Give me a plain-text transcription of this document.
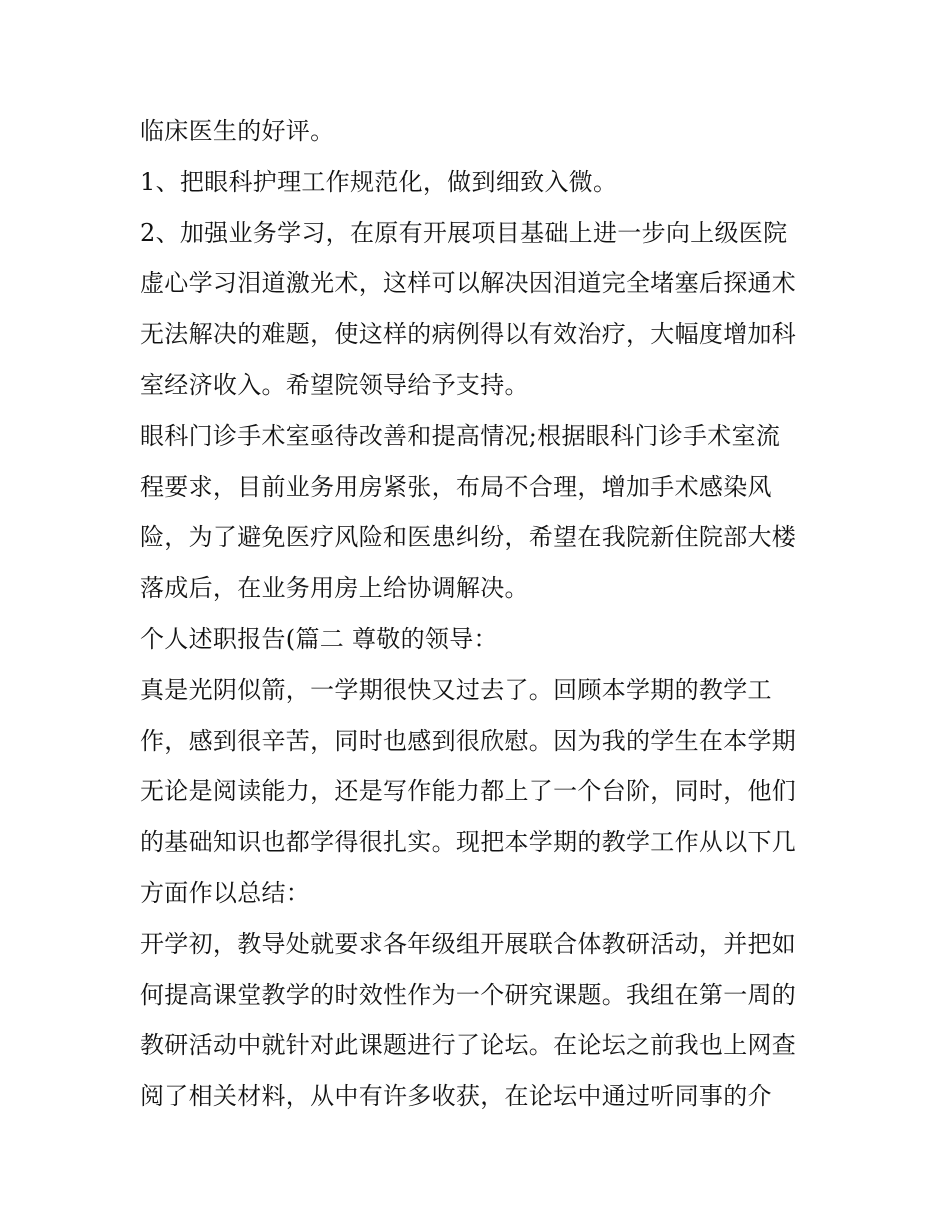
临床医生的好评。
1、把眼科护理工作规范化，做到细致入微。
2、加强业务学习，在原有开展项目基础上进一步向上级医院
虚心学习泪道激光术，这样可以解决因泪道完全堵塞后探通术
无法解决的难题，使这样的病例得以有效治疗，大幅度增加科
室经济收入。希望院领导给予支持。
眼科门诊手术室亟待改善和提高情况;根据眼科门诊手术室流
程要求，目前业务用房紧张，布局不合理，增加手术感染风
险，为了避免医疗风险和医患纠纷，希望在我院新住院部大楼
落成后，在业务用房上给协调解决。
个人述职报告(篇二 尊敬的领导：
真是光阴似箭，一学期很快又过去了。回顾本学期的教学工
作，感到很辛苦，同时也感到很欣慰。因为我的学生在本学期
无论是阅读能力，还是写作能力都上了一个台阶，同时，他们
的基础知识也都学得很扎实。现把本学期的教学工作从以下几
方面作以总结：
开学初，教导处就要求各年级组开展联合体教研活动，并把如
何提高课堂教学的时效性作为一个研究课题。我组在第一周的
教研活动中就针对此课题进行了论坛。在论坛之前我也上网查
阅了相关材料，从中有许多收获，在论坛中通过听同事的介
